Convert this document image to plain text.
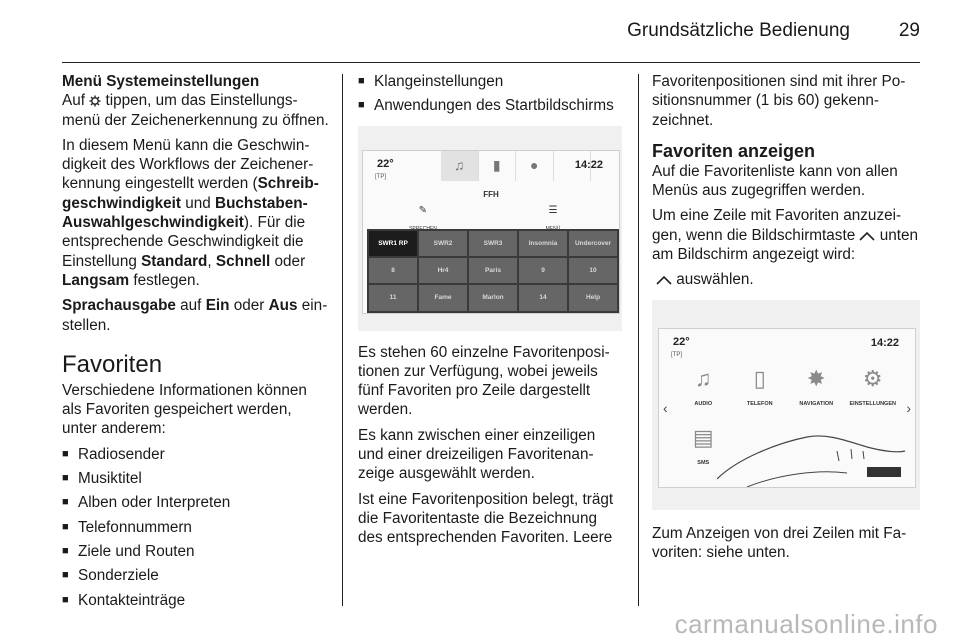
Grundsätzliche Bedienung	29

Menü Systemeinstellungen

Auf tippen, um das Einstellungsmenü der Zeichenerkennung zu öffnen.

In diesem Menü kann die Geschwindigkeit des Workflows der Zeichenerkennung eingestellt werden (Schreibgeschwindigkeit und Buchstaben-Auswahlgeschwindigkeit). Für die entsprechende Geschwindigkeit die Einstellung Standard, Schnell oder Langsam festlegen.

Sprachausgabe auf Ein oder Aus einstellen.

Favoriten

Verschiedene Informationen können als Favoriten gespeichert werden, unter anderem:

■ Radiosender
■ Musiktitel
■ Alben oder Interpreten
■ Telefonnummern
■ Ziele und Routen
■ Sonderziele
■ Kontakteinträge
■ Klangeinstellungen
■ Anwendungen des Startbildschirms
22°
[TP]
♫	▮	●	14:22
FFH
✎	☰
SWR1 RP	SWR2	SWR3	Insomnia	Undercover
8	Hr4	Paris	9	10
11	Fame	Marlon	14	Help

Es stehen 60 einzelne Favoritenpositionen zur Verfügung, wobei jeweils fünf Favoriten pro Zeile dargestellt werden.

Es kann zwischen einer einzeiligen und einer dreizeiligen Favoritenanzeige ausgewählt werden.

Ist eine Favoritenposition belegt, trägt die Favoritentaste die Bezeichnung des entsprechenden Favoriten. Leere

Favoritenpositionen sind mit ihrer Positionsnummer (1 bis 60) gekennzeichnet.

Favoriten anzeigen

Auf die Favoritenliste kann von allen Menüs aus zugegriffen werden.

Um eine Zeile mit Favoriten anzuzeigen, wenn die Bildschirmtaste unten am Bildschirm angezeigt wird:

auswählen.

22°
[TP]
14:22
‹	›
♫
AUDIO
▯
TELEFON
✸
NAVIGATION
⚙
EINSTELLUNGEN
▤
SMS

Zum Anzeigen von drei Zeilen mit Favoriten: siehe unten.

carmanualsonline.info
